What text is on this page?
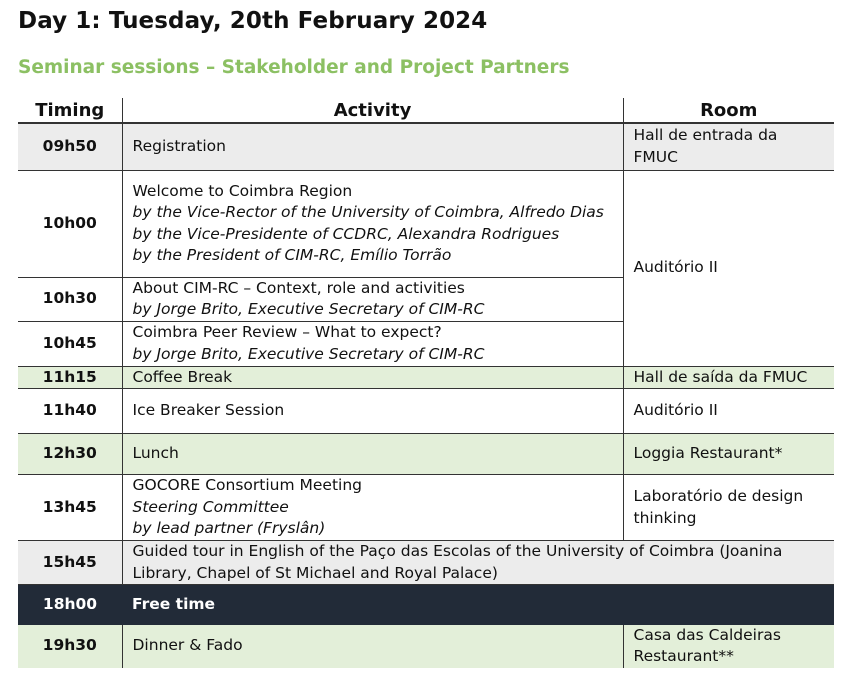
Day 1: Tuesday, 20th February 2024
Seminar sessions – Stakeholder and Project Partners
Timing	Activity	Room
09h50	Registration	Hall de entrada da FMUC
10h00	Welcome to Coimbra Region
by the Vice-Rector of the University of Coimbra, Alfredo Dias
by the Vice-Presidente of CCDRC, Alexandra Rodrigues
by the President of CIM-RC, Emílio Torrão	Auditório II
10h30	About CIM-RC – Context, role and activities
by Jorge Brito, Executive Secretary of CIM-RC	

10h45	Coimbra Peer Review – What to expect?
by Jorge Brito, Executive Secretary of CIM-RC	

11h15	Coffee Break	Hall de saída da FMUC
11h40	Ice Breaker Session	Auditório II
12h30	Lunch	Loggia Restaurant*
13h45	GOCORE Consortium Meeting
Steering Committee
by lead partner (Fryslân)	Laboratório de design thinking
15h45	Guided tour in English of the Paço das Escolas of the University of Coimbra (Joanina Library, Chapel of St Michael and Royal Palace)	

18h00	Free time	

19h30	Dinner & Fado	Casa das Caldeiras Restaurant**
